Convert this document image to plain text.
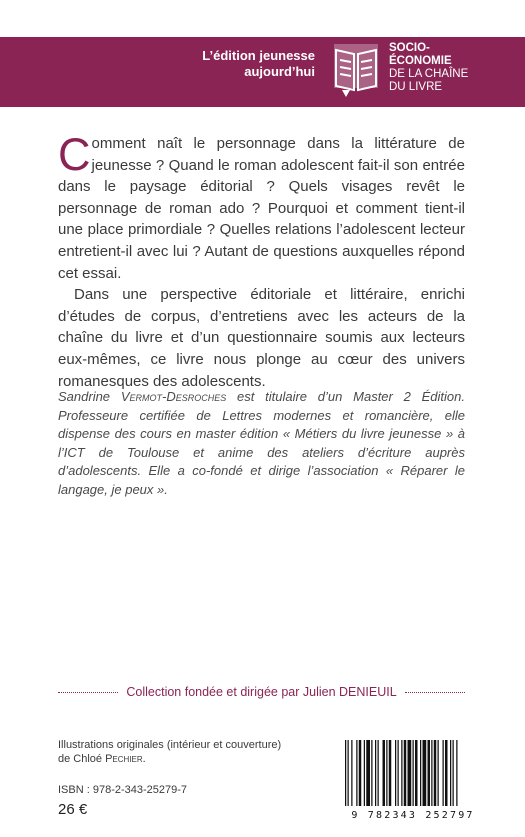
L’édition jeunesse
aujourd’hui
SOCIO-
ÉCONOMIE
DE LA CHAÎNE
DU LIVRE

Comment naît le personnage dans la littérature de jeunesse ? Quand le roman adolescent fait-il son entrée dans le paysage éditorial ? Quels visages revêt le personnage de roman ado ? Pourquoi et comment tient-il une place primordiale ? Quelles relations l’adolescent lecteur entretient-il avec lui ? Autant de questions auxquelles répond cet essai.

Dans une perspective éditoriale et littéraire, enrichi d’études de corpus, d’entretiens avec les acteurs de la chaîne du livre et d’un questionnaire soumis aux lecteurs eux-mêmes, ce livre nous plonge au cœur des univers romanesques des adolescents.

Sandrine Vermot-Desroches est titulaire d’un Master 2 Édition. Professeure certifiée de Lettres modernes et romancière, elle dispense des cours en master édition « Métiers du livre jeunesse » à l’ICT de Toulouse et anime des ateliers d’écriture auprès d’adolescents. Elle a co-fondé et dirige l’association « Réparer le langage, je peux ».
Collection fondée et dirigée par Julien DENIEUIL
Illustrations originales (intérieur et couverture)
de Chloé Pechier.
ISBN : 978-2-343-25279-7
26 €	9 782343 252797
